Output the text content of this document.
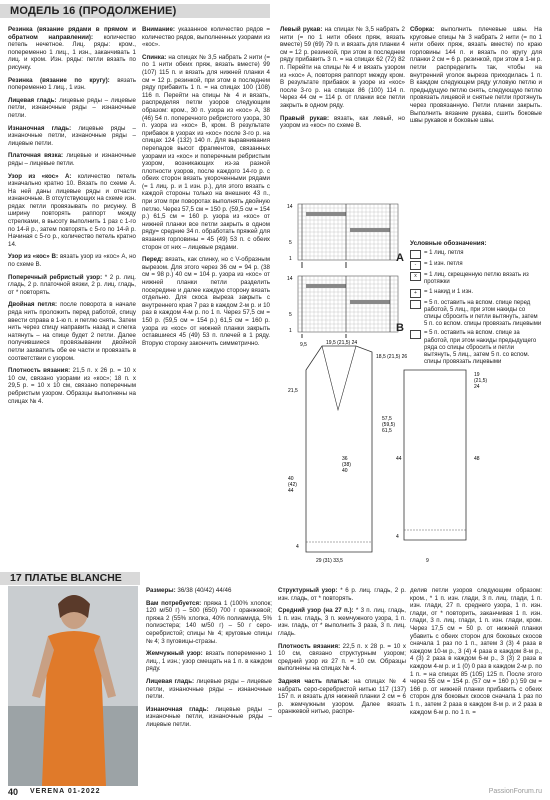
МОДЕЛЬ 16 (ПРОДОЛЖЕНИЕ)

Резинка (вязание рядами в прямом и обратном направлении): количество петель нечетное. Лиц. ряды: кром., попеременно 1 лиц., 1 изн., заканчивать 1 лиц. и кром. Изн. ряды: петли вязать по рисунку.

Резинка (вязание по кругу): вязать попеременно 1 лиц., 1 изн.

Лицевая гладь: лицевые ряды – лицевые петли, изнаночные ряды – изнаночные петли.

Изнаночная гладь: лицевые ряды – изнаночные петли, изнаночные ряды – лицевые петли.

Платочная вязка: лицевые и изнаночные ряды – лицевые петли.

Узор из «кос» А: количество петель изначально кратно 10. Вязать по схеме А. На ней даны лицевые ряды и отчасти изнаночные. В отсутствующих на схеме изн. рядах петли провязывать по рисунку. В ширину повторять раппорт между стрелками, в высоту выполнить 1 раз с 1-го по 14-й р., затем повторять с 5-го по 14-й р. Начиная с 5-го р., количество петель кратно 14.

Узор из «кос» В: вязать узор из «кос» А, но по схеме В.

Поперечный ребристый узор: * 2 р. лиц. гладь, 2 р. платочной вязки, 2 р. лиц. гладь, от * повторять.

Двойная петля: после поворота в начале ряда нить проложить перед работой, спицу ввести справа в 1-ю п. и петлю снять. Затем нить через спицу направить назад и слегка натянуть – на спице будет 2 петли. Далее получившиеся провязывании двойной петли захватить обе ее части и провязать в соответствии с узором.

Плотность вязания: 21,5 п. x 26 р. = 10 x 10 см, связано узорами из «кос»; 18 п. x 29,5 р. = 10 x 10 см, связано поперечным ребристым узором. Образцы выполнены на спицах № 4.

Внимание: указанное количество рядов = количество рядов, выполненных узорами из «кос».

Спинка: на спицах № 3,5 набрать 2 нити (= по 1 нити обеих пряж, вязать вместе) 99 (107) 115 п. и вязать для нижней планки 4 см = 12 р. резинкой, при этом в последнем ряду прибавить 1 п. = на спицах 100 (108) 116 п. Перейти на спицы № 4 и вязать, распределяя петли узоров следующим образом: кром., 30 п. узора из «кос» А, 38 (46) 54 п. поперечного ребристого узора, 30 п. узора из «кос» В, кром. В результате прибавок в узорах из «кос» после 3-го р. на спицах 124 (132) 140 п. Для выравнивания перепадов высот фрагментов, связанных узорами из «кос» и поперечным ребристым узором, возникающих из-за разной плотности узоров, после каждого 14-го р. с обеих сторон вязать укороченными рядами (= 1 лиц. р. и 1 изн. р.), для этого вязать с каждой стороны только на внешних 43 п., при этом при поворотах выполнять двойную петлю. Через 57,5 см = 150 р. (59,5 см = 154 р.) 61,5 см = 160 р. узора из «кос» от нижней планки все петли закрыть в одном ряду= средние 34 п. обработать пряжей для вязания горловины = 45 (49) 53 п. с обеих сторон от них – лицевые рядами.

Перед: вязать, как спинку, но с V-образным вырезом. Для этого через 36 см = 94 р. (38 см = 98 р.) 40 см = 104 р. узора из «кос» от нижней планки петли разделить посередине и далее каждую сторону вязать отдельно. Для скоса выреза закрыть с внутреннего края 7 раз в каждом 2-м р. и 10 раз в каждом 4-м р. по 1 п. Через 57,5 см = 150 р. (59,5 см = 154 р.) 61,5 см = 160 р. узора из «кос» от нижней планки закрыть оставшиеся 45 (49) 53 п. плечей в 1 ряду. Вторую сторону закончить симметрично.

Левый рукав: на спицах № 3,5 набрать 2 нити (= по 1 нити обеих пряж, вязать вместе) 59 (69) 79 п. и вязать для планки 4 см = 12 р. резинкой, при этом в последнем ряду прибавить 3 п. = на спицах 62 (72) 82 п. Перейти на спицы № 4 и вязать узором из «кос» A, повторяя раппорт между кром. В результате прибавок в узоре из «кос» после 3-го р. на спицах 86 (100) 114 п. Через 44 см = 114 р. от планки все петли закрыть в одном ряду.

Правый рукав: вязать, как левый, но узором из «кос» по схеме В.

Сборка: выполнить плечевые швы. На круговые спицы № 3 набрать 2 нити (= по 1 нити обеих пряж, вязать вместе) по краю горловины 144 п. и вязать по кругу для планки 2 см = 6 р. резинкой, при этом в 1-м р. петли распределить так, чтобы на внутренний уголок выреза приходилась 1 п. В каждом следующем ряду угловую петлю и предыдущую петлю снять, следующую петлю провязать лицевой и снятые петли протянуть через провязанную. Петли планки закрыть. Выполнить вязание рукава, сшить боковые швы рукавов и боковые швы.

Условные обозначения:
= 1 лиц. петля
-	= 1 изн. петля
x	= 1 лиц. скрещенную петлю вязать из протяжки
+	= 1 накид и 1 изн.
= 5 п. оставить на вспом. спице перед работой, 5 лиц., при этом накиды со спицы сбросить и петли вытянуть, затем 5 п. со вспом. спицы провязать лицевыми
= 5 п. оставить на вспом. спице за работой, при этом накиды предыдущего ряда со спицы сбросить и петли вытянуть, 5 лиц., затем 5 п. со вспом. спицы провязать лицевыми
14
5
1
14
5
1
A
B
9,5	19,5 (21,5) 24
21,5
18,5 (21,5) 26
57,5
(59,5)
61,5
36
(38)
40
40
(42)
44
4
29 (31) 33,5
19
(21,5)
24
44	48
4
9
17 ПЛАТЬЕ BLANCHE

Размеры: 36/38 (40/42) 44/46

Вам потребуется: пряжа 1 (100% хлопок; 120 м/50 г) – 500 (650) 700 г оранжевой; пряжа 2 (55% хлопка, 40% полиамида, 5% полиэстера; 140 м/50 г) – 50 г серо-серебристой; спицы № 4; круговые спицы № 4; 3 пуговицы-стразы.

Жемчужный узор: вязать попеременно 1 лиц., 1 изн.; узор смещать на 1 п. в каждом ряду.

Лицевая гладь: лицевые ряды – лицевые петли, изнаночные ряды – изнаночные петли.

Изнаночная гладь: лицевые ряды – изнаночные петли, изнаночные ряды – лицевые петли.

Структурный узор: * 6 р. лиц. гладь, 2 р. изн. гладь, от * повторять.

Средний узор (на 27 п.): * 3 п. лиц. гладь, 1 п. изн. гладь, 3 п. жемчужного узора, 1 п. изн. гладь, от * выполнить 3 раза, 3 п. лиц. гладь.

Плотность вязания: 22,5 п. x 28 р. = 10 x 10 см, связано структурным узором; средний узор из 27 п. = 10 см. Образцы выполнены на спицах № 4.

Задняя часть платья: на спицах № 4 набрать серо-серебристой нитью 117 (137) 157 п. и вязать для нижней планки 2 см = 6 р. жемчужным узором. Далее вязать оранжевой нитью, распре-

делив петли узоров следующим образом: кром., * 1 п. изн. глади, 3 п. лиц. глади, 1 п. изн. глади, 27 п. среднего узора, 1 п. изн. глади, от * повторить, заканчивая 1 п. изн. глади, 3 п. лиц. глади, 1 п. изн. глади, кром. Через 17,5 см = 50 р. от нижней планки убавить с обеих сторон для боковых скосов сначала 1 раз по 1 п., затем 3 (3) 4 раза в каждом 10-м р., 3 (4) 4 раза в каждом 8-м р., 4 (3) 2 раза в каждом 6-м р., 3 (3) 2 раза в каждом 4-м р. и 1 (0) 0 раз в каждом 2-м р. по 1 п. = на спицах 85 (105) 125 п. После этого через 55 см = 154 р. (57 см = 160 р.) 59 см = 166 р. от нижней планки прибавить с обеих сторон для боковых скосов сначала 1 раз по 1 п., затем 2 раза в каждом 8-м р. и 2 раза в каждом 6-м р. по 1 п. =

40 VERENA 01-2022	PassionForum.ru
